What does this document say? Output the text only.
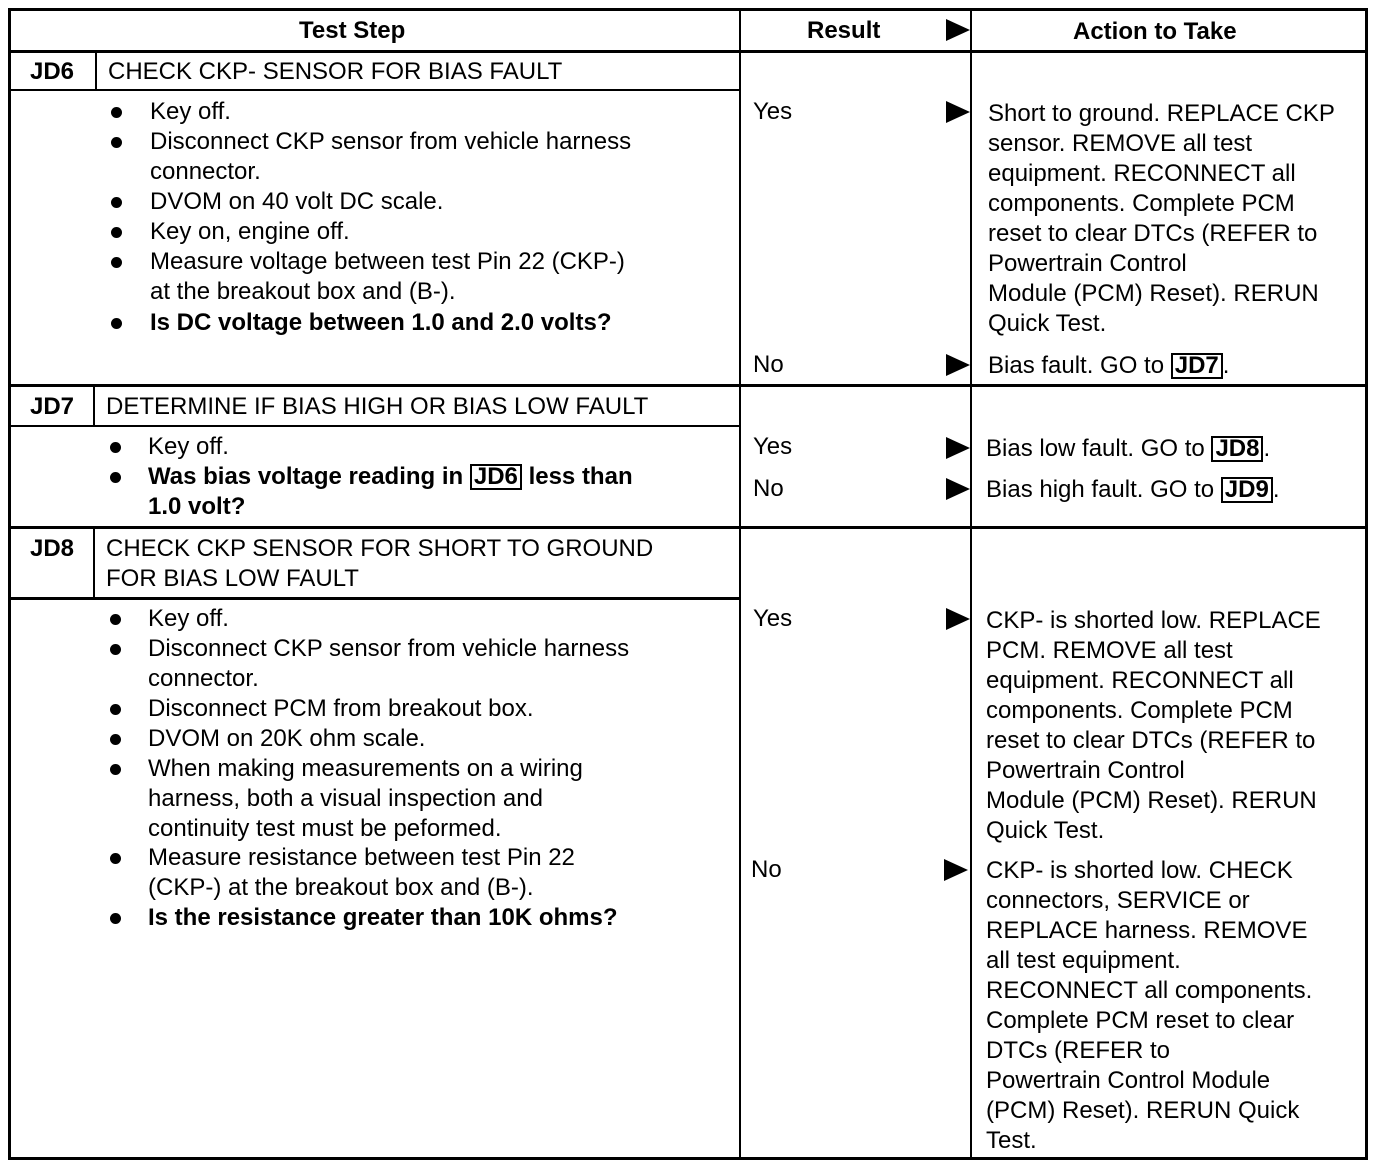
Test Step	Result	Action to Take
JD6 CHECK CKP- SENSOR FOR BIAS FAULT
Key off.
Disconnect CKP sensor from vehicle harness
connector.
DVOM on 40 volt DC scale.
Key on, engine off.
Measure voltage between test Pin 22 (CKP-)
at the breakout box and (B-).
Is DC voltage between 1.0 and 2.0 volts?
Yes	Short to ground. REPLACE CKP
sensor. REMOVE all test
equipment. RECONNECT all
components. Complete PCM
reset to clear DTCs (REFER to
Powertrain Control
Module (PCM) Reset). RERUN
Quick Test.
No	Bias fault. GO to JD7 .
JD7 DETERMINE IF BIAS HIGH OR BIAS LOW FAULT
Key off.
Was bias voltage reading in JD6 less than
1.0 volt?
Yes	Bias low fault. GO to JD8 .
No	Bias high fault. GO to JD9 .
JD8 CHECK CKP SENSOR FOR SHORT TO GROUND
FOR BIAS LOW FAULT
Key off.
Disconnect CKP sensor from vehicle harness
connector.
Disconnect PCM from breakout box.
DVOM on 20K ohm scale.
When making measurements on a wiring
harness, both a visual inspection and
continuity test must be peformed.
Measure resistance between test Pin 22
(CKP-) at the breakout box and (B-).
Is the resistance greater than 10K ohms?
Yes	CKP- is shorted low. REPLACE
PCM. REMOVE all test
equipment. RECONNECT all
components. Complete PCM
reset to clear DTCs (REFER to
Powertrain Control
Module (PCM) Reset). RERUN
Quick Test.
No	CKP- is shorted low. CHECK
connectors, SERVICE or
REPLACE harness. REMOVE
all test equipment.
RECONNECT all components.
Complete PCM reset to clear
DTCs (REFER to
Powertrain Control Module
(PCM) Reset). RERUN Quick
Test.
